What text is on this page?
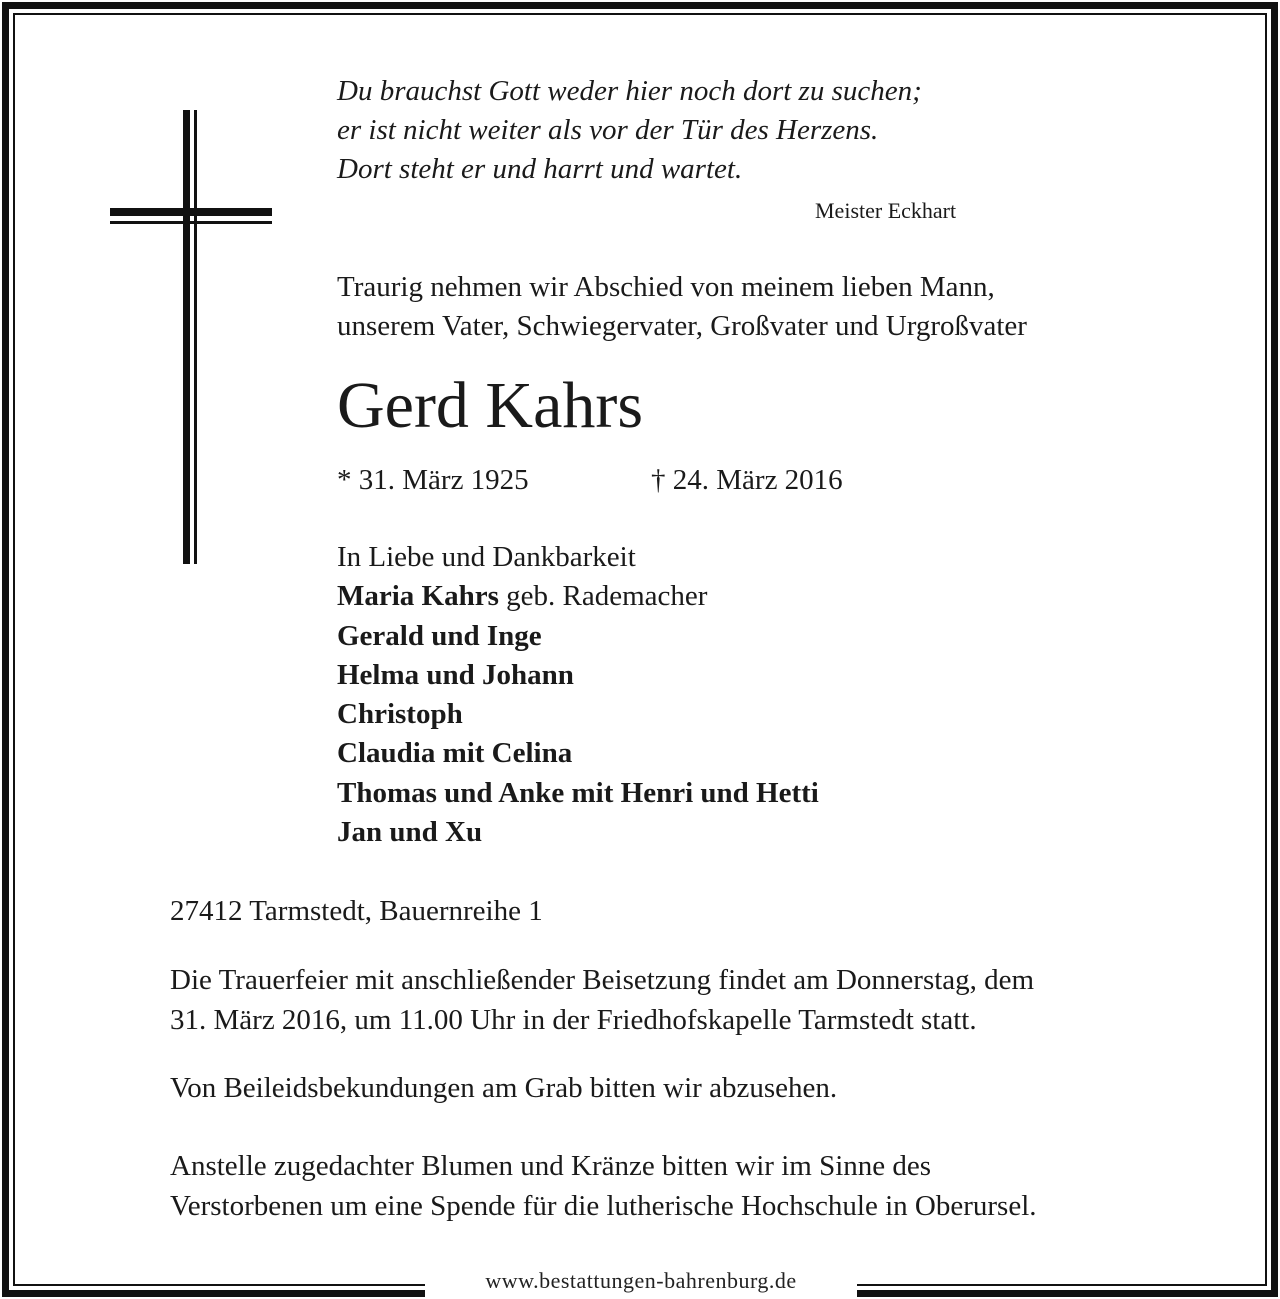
www.bestattungen-bahrenburg.de
Du brauchst Gott weder hier noch dort zu suchen;
er ist nicht weiter als vor der Tür des Herzens.
Dort steht er und harrt und wartet.
Meister Eckhart
Traurig nehmen wir Abschied von meinem lieben Mann,
unserem Vater, Schwiegervater, Großvater und Urgroßvater
Gerd Kahrs
* 31. März 1925	† 24. März 2016
In Liebe und Dankbarkeit
Maria Kahrs geb. Rademacher
Gerald und Inge
Helma und Johann
Christoph
Claudia mit Celina
Thomas und Anke mit Henri und Hetti
Jan und Xu
27412 Tarmstedt, Bauernreihe 1
Die Trauerfeier mit anschließender Beisetzung findet am Donnerstag, dem
31. März 2016, um 11.00 Uhr in der Friedhofskapelle Tarmstedt statt.
Von Beileidsbekundungen am Grab bitten wir abzusehen.
Anstelle zugedachter Blumen und Kränze bitten wir im Sinne des
Verstorbenen um eine Spende für die lutherische Hochschule in Oberursel.
